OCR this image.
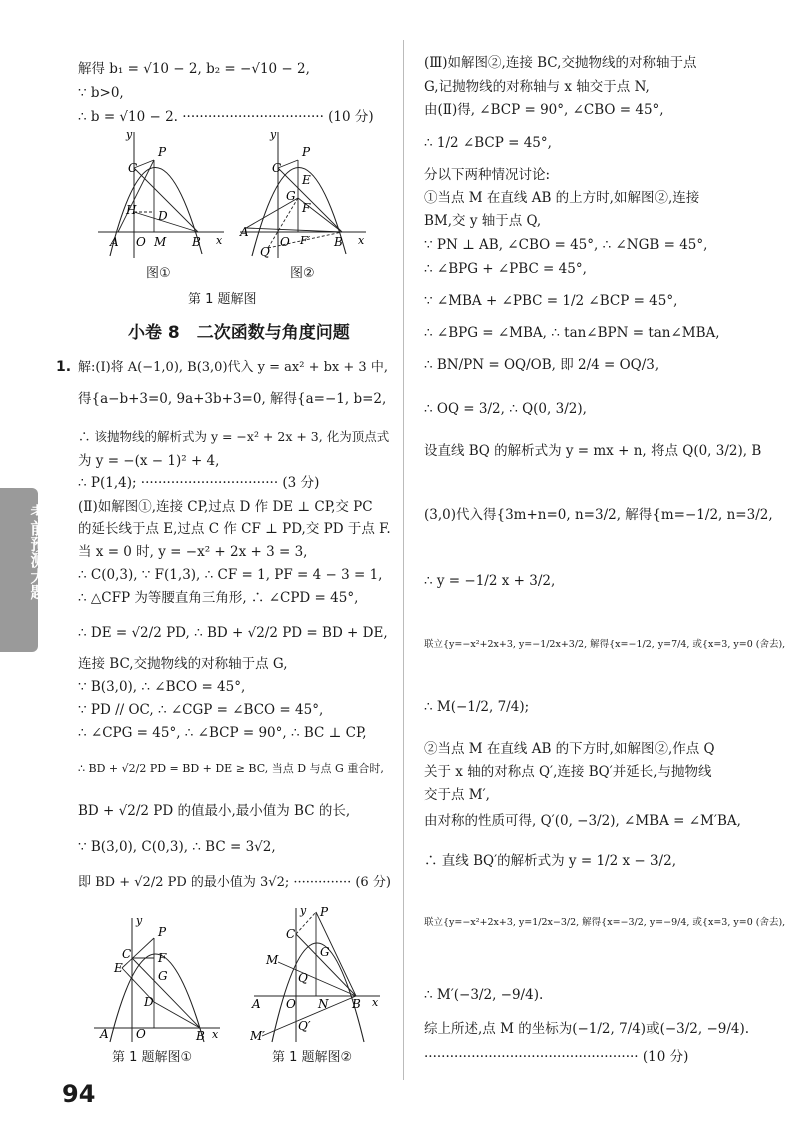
解得 b₁ = √10 − 2, b₂ = −√10 − 2,
∵ b>0,
∴ b = √10 − 2. ································· (10 分)
y
x
C
P
H D
A O M B
y
x
C
P
E
G
F
F′
Q
A
O	B
图①	图②
第 1 题解图
小卷 8　二次函数与角度问题
1. 解:(Ⅰ)将 A(−1,0), B(3,0)代入 y = ax² + bx + 3 中,
得{a−b+3=0, 9a+3b+3=0, 解得{a=−1, b=2,
∴ 该抛物线的解析式为 y = −x² + 2x + 3, 化为顶点式
为 y = −(x − 1)² + 4,
∴ P(1,4); ································ (3 分)
(Ⅱ)如解图①,连接 CP,过点 D 作 DE ⊥ CP,交 PC
的延长线于点 E,过点 C 作 CF ⊥ PD,交 PD 于点 F.
当 x = 0 时, y = −x² + 2x + 3 = 3,
∴ C(0,3), ∵ F(1,3), ∴ CF = 1, PF = 4 − 3 = 1,
∴ △CFP 为等腰直角三角形, ∴ ∠CPD = 45°,
∴ DE = √2/2 PD, ∴ BD + √2/2 PD = BD + DE,
连接 BC,交抛物线的对称轴于点 G,
∵ B(3,0), ∴ ∠BCO = 45°,
∵ PD // OC, ∴ ∠CGP = ∠BCO = 45°,
∴ ∠CPG = 45°, ∴ ∠BCP = 90°, ∴ BC ⊥ CP,
∴ BD + √2/2 PD = BD + DE ≥ BC, 当点 D 与点 G 重合时,
BD + √2/2 PD 的值最小,最小值为 BC 的长,
∵ B(3,0), C(0,3), ∴ BC = 3√2,
即 BD + √2/2 PD 的最小值为 3√2; ·············· (6 分)
y
x
C
E
P
F
G
D
A O	B
y
x
P
C
G
M
Q
A O N B
Q′
M′
第 1 题解图①	第 1 题解图②
(Ⅲ)如解图②,连接 BC,交抛物线的对称轴于点
G,记抛物线的对称轴与 x 轴交于点 N,
由(Ⅱ)得, ∠BCP = 90°, ∠CBO = 45°,
∴ 1/2 ∠BCP = 45°,
分以下两种情况讨论:
①当点 M 在直线 AB 的上方时,如解图②,连接
BM,交 y 轴于点 Q,
∵ PN ⊥ AB, ∠CBO = 45°, ∴ ∠NGB = 45°,
∴ ∠BPG + ∠PBC = 45°,
∵ ∠MBA + ∠PBC = 1/2 ∠BCP = 45°,
∴ ∠BPG = ∠MBA, ∴ tan∠BPN = tan∠MBA,
∴ BN/PN = OQ/OB, 即 2/4 = OQ/3,
∴ OQ = 3/2, ∴ Q(0, 3/2),
设直线 BQ 的解析式为 y = mx + n, 将点 Q(0, 3/2), B
(3,0)代入得{3m+n=0, n=3/2, 解得{m=−1/2, n=3/2,
∴ y = −1/2 x + 3/2,
联立{y=−x²+2x+3, y=−1/2x+3/2, 解得{x=−1/2, y=7/4, 或{x=3, y=0 (舍去),
∴ M(−1/2, 7/4);
②当点 M 在直线 AB 的下方时,如解图②,作点 Q
关于 x 轴的对称点 Q′,连接 BQ′并延长,与抛物线
交于点 M′,
由对称的性质可得, Q′(0, −3/2), ∠MBA = ∠M′BA,
∴ 直线 BQ′的解析式为 y = 1/2 x − 3/2,
联立{y=−x²+2x+3, y=1/2x−3/2, 解得{x=−3/2, y=−9/4, 或{x=3, y=0 (舍去),
∴ M′(−3/2, −9/4).
综上所述,点 M 的坐标为(−1/2, 7/4)或(−3/2, −9/4).
·················································· (10 分)
考前预测大题
94
